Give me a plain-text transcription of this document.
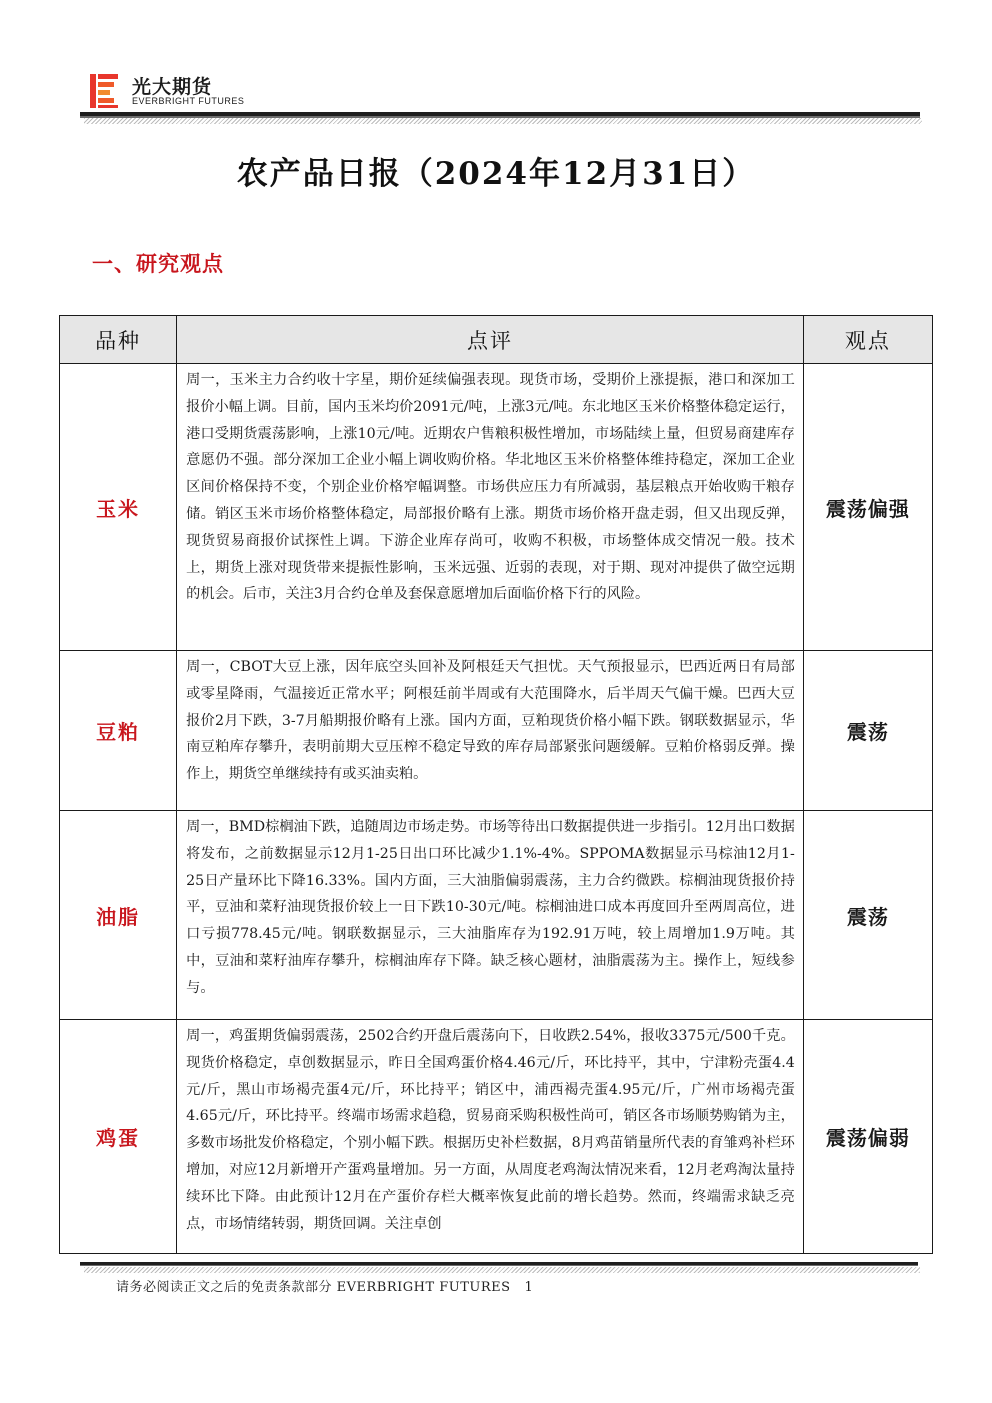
光大期货
EVERBRIGHT FUTURES
农产品日报（2024年12月31日）
一、研究观点
品种	点评	观点
玉米	周一，玉米主力合约收十字星，期价延续偏强表现。现货市场，受期价上涨提振，港口和深加工报价小幅上调。目前，国内玉米均价2091元/吨，上涨3元/吨。东北地区玉米价格整体稳定运行，港口受期货震荡影响，上涨10元/吨。近期农户售粮积极性增加，市场陆续上量，但贸易商建库存意愿仍不强。部分深加工企业小幅上调收购价格。华北地区玉米价格整体维持稳定，深加工企业区间价格保持不变，个别企业价格窄幅调整。市场供应压力有所减弱，基层粮点开始收购干粮存储。销区玉米市场价格整体稳定，局部报价略有上涨。期货市场价格开盘走弱，但又出现反弹，现货贸易商报价试探性上调。下游企业库存尚可，收购不积极，市场整体成交情况一般。技术上，期货上涨对现货带来提振性影响，玉米远强、近弱的表现，对于期、现对冲提供了做空远期的机会。后市，关注3月合约仓单及套保意愿增加后面临价格下行的风险。	震荡偏强
豆粕	周一，CBOT大豆上涨，因年底空头回补及阿根廷天气担忧。天气预报显示，巴西近两日有局部或零星降雨，气温接近正常水平；阿根廷前半周或有大范围降水，后半周天气偏干燥。巴西大豆报价2月下跌，3-7月船期报价略有上涨。国内方面，豆粕现货价格小幅下跌。钢联数据显示，华南豆粕库存攀升，表明前期大豆压榨不稳定导致的库存局部紧张问题缓解。豆粕价格弱反弹。操作上，期货空单继续持有或买油卖粕。	震荡
油脂	周一，BMD棕榈油下跌，追随周边市场走势。市场等待出口数据提供进一步指引。12月出口数据将发布，之前数据显示12月1-25日出口环比减少1.1%-4%。SPPOMA数据显示马棕油12月1-25日产量环比下降16.33%。国内方面，三大油脂偏弱震荡，主力合约微跌。棕榈油现货报价持平，豆油和菜籽油现货报价较上一日下跌10-30元/吨。棕榈油进口成本再度回升至两周高位，进口亏损778.45元/吨。钢联数据显示，三大油脂库存为192.91万吨，较上周增加1.9万吨。其中，豆油和菜籽油库存攀升，棕榈油库存下降。缺乏核心题材，油脂震荡为主。操作上，短线参与。	震荡
鸡蛋	周一，鸡蛋期货偏弱震荡，2502合约开盘后震荡向下，日收跌2.54%，报收3375元/500千克。现货价格稳定，卓创数据显示，昨日全国鸡蛋价格4.46元/斤，环比持平，其中，宁津粉壳蛋4.4元/斤，黑山市场褐壳蛋4元/斤，环比持平；销区中，浦西褐壳蛋4.95元/斤，广州市场褐壳蛋4.65元/斤，环比持平。终端市场需求趋稳，贸易商采购积极性尚可，销区各市场顺势购销为主，多数市场批发价格稳定，个别小幅下跌。根据历史补栏数据，8月鸡苗销量所代表的育雏鸡补栏环增加，对应12月新增开产蛋鸡量增加。另一方面，从周度老鸡淘汰情况来看，12月老鸡淘汰量持续环比下降。由此预计12月在产蛋价存栏大概率恢复此前的增长趋势。然而，终端需求缺乏亮点，市场情绪转弱，期货回调。关注卓创	震荡偏弱
请务必阅读正文之后的免责条款部分 EVERBRIGHT FUTURES 1
